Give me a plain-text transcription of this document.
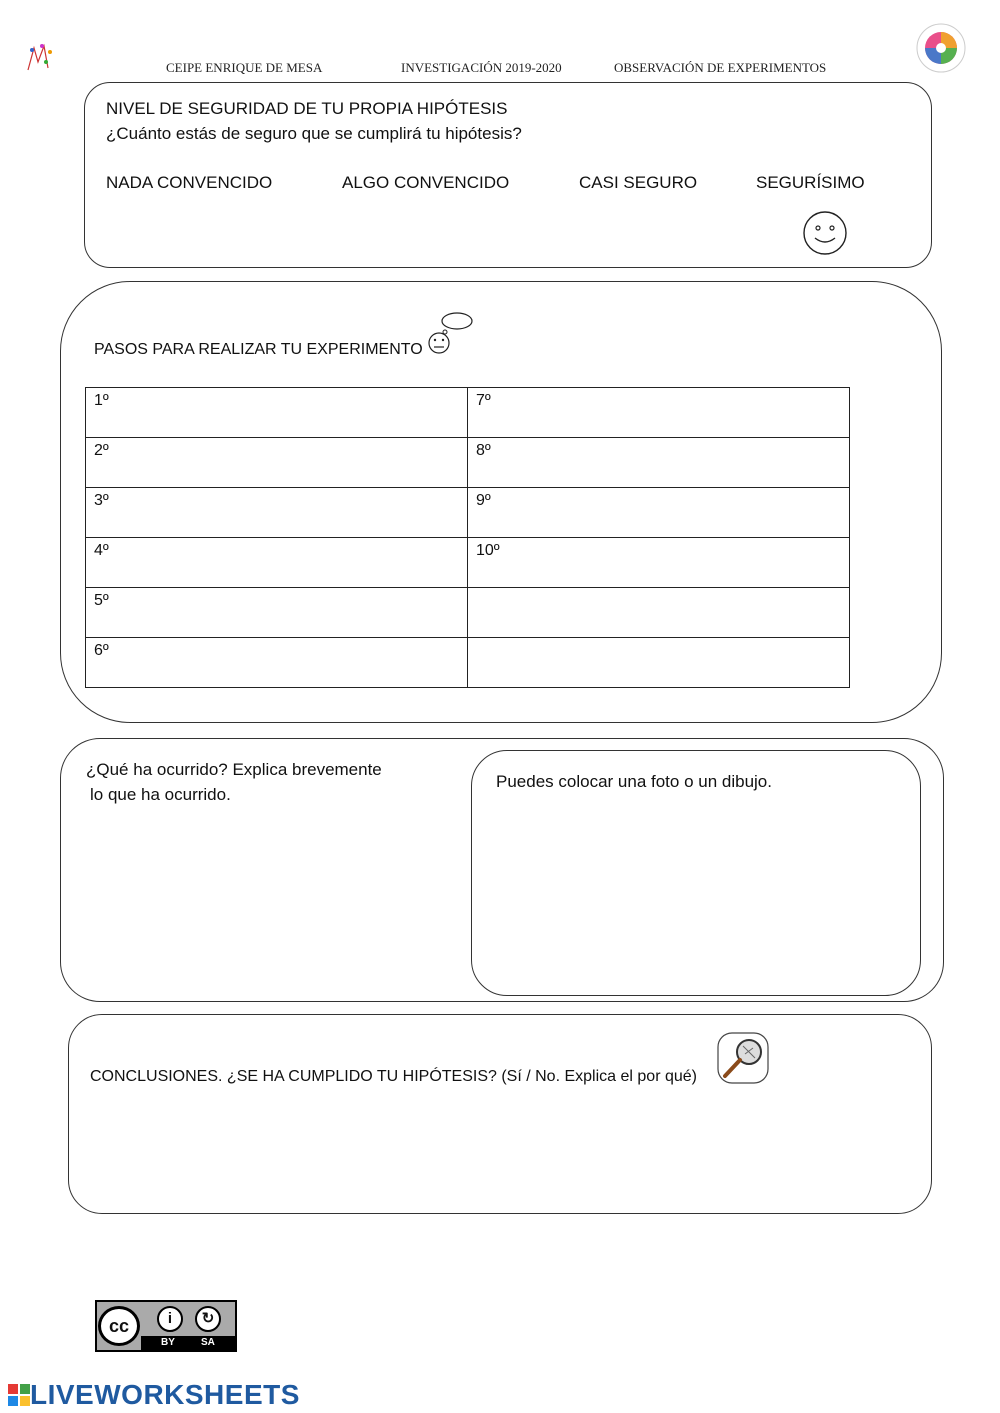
CEIPE ENRIQUE DE MESA	INVESTIGACIÓN 2019-2020	OBSERVACIÓN DE EXPERIMENTOS
NIVEL DE SEGURIDAD DE TU PROPIA HIPÓTESIS
¿Cuánto estás de seguro que se cumplirá tu hipótesis?
NADA CONVENCIDO	ALGO CONVENCIDO	CASI SEGURO	SEGURÍSIMO
PASOS PARA REALIZAR TU EXPERIMENTO
1º	7º
2º	8º
3º	9º
4º	10º
5º	
6º	
¿Qué ha ocurrido? Explica brevemente
lo que ha ocurrido.
Puedes colocar una foto o un dibujo.
CONCLUSIONES. ¿SE HA CUMPLIDO TU HIPÓTESIS? (Sí / No. Explica el por qué)
cc	i	↻
BY	SA
LIVEWORKSHEETS
